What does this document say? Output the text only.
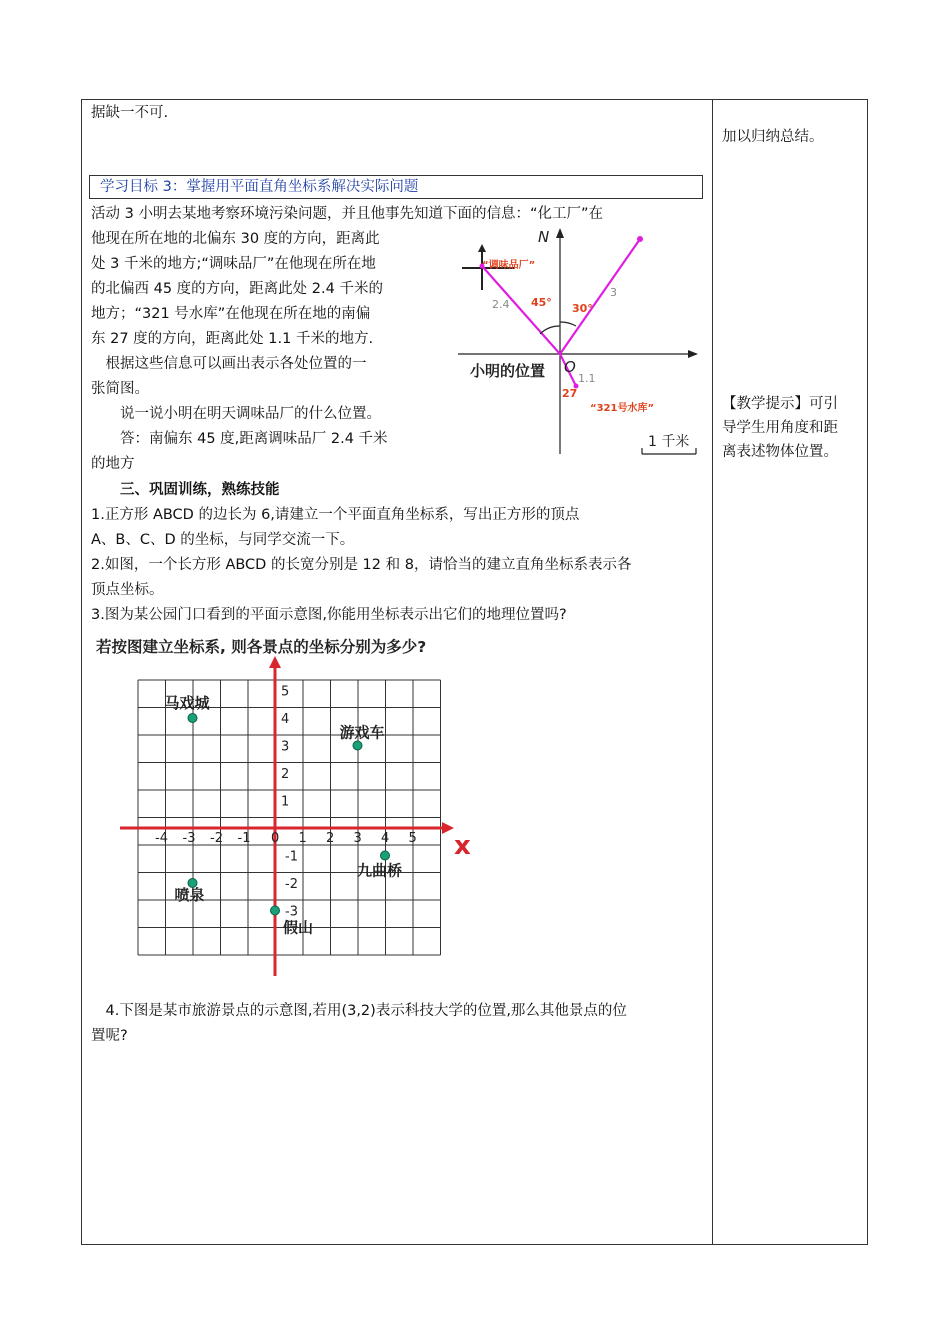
据缺一不可.
学习目标 3：掌握用平面直角坐标系解决实际问题
活动 3 小明去某地考察环境污染问题，并且他事先知道下面的信息：“化工厂”在
他现在所在地的北偏东 30 度的方向，距离此
处 3 千米的地方;“调味品厂”在他现在所在地
的北偏西 45 度的方向，距离此处 2.4 千米的
地方；“321 号水库”在他现在所在地的南偏
东 27 度的方向，距离此处 1.1 千米的地方.
　根据这些信息可以画出表示各处位置的一
张简图。
　　说一说小明在明天调味品厂的什么位置。
　　答：南偏东 45 度,距离调味品厂 2.4 千米
的地方
　　三、巩固训练，熟练技能
1.正方形 ABCD 的边长为 6,请建立一个平面直角坐标系，写出正方形的顶点
A、B、C、D 的坐标，与同学交流一下。
2.如图，一个长方形 ABCD 的长宽分别是 12 和 8，请恰当的建立直角坐标系表示各
顶点坐标。
3.图为某公园门口看到的平面示意图,你能用坐标表示出它们的地理位置吗?
　4.下图是某市旅游景点的示意图,若用(3,2)表示科技大学的位置,那么其他景点的位
置呢?
加以归纳总结。
【教学提示】可引
导学生用角度和距
离表述物体位置。
N
“调味品厂”
2.4 45° 30°
3
O
小明的位置	1.1
27
“321号水库”
1 千米
若按图建立坐标系, 则各景点的坐标分别为多少?
-4 -3 -2 -1 0 1 2 3 4 5
5
4
3
2
1
-1
-2
-3
马戏城
游戏车
九曲桥
喷泉
假山
x
